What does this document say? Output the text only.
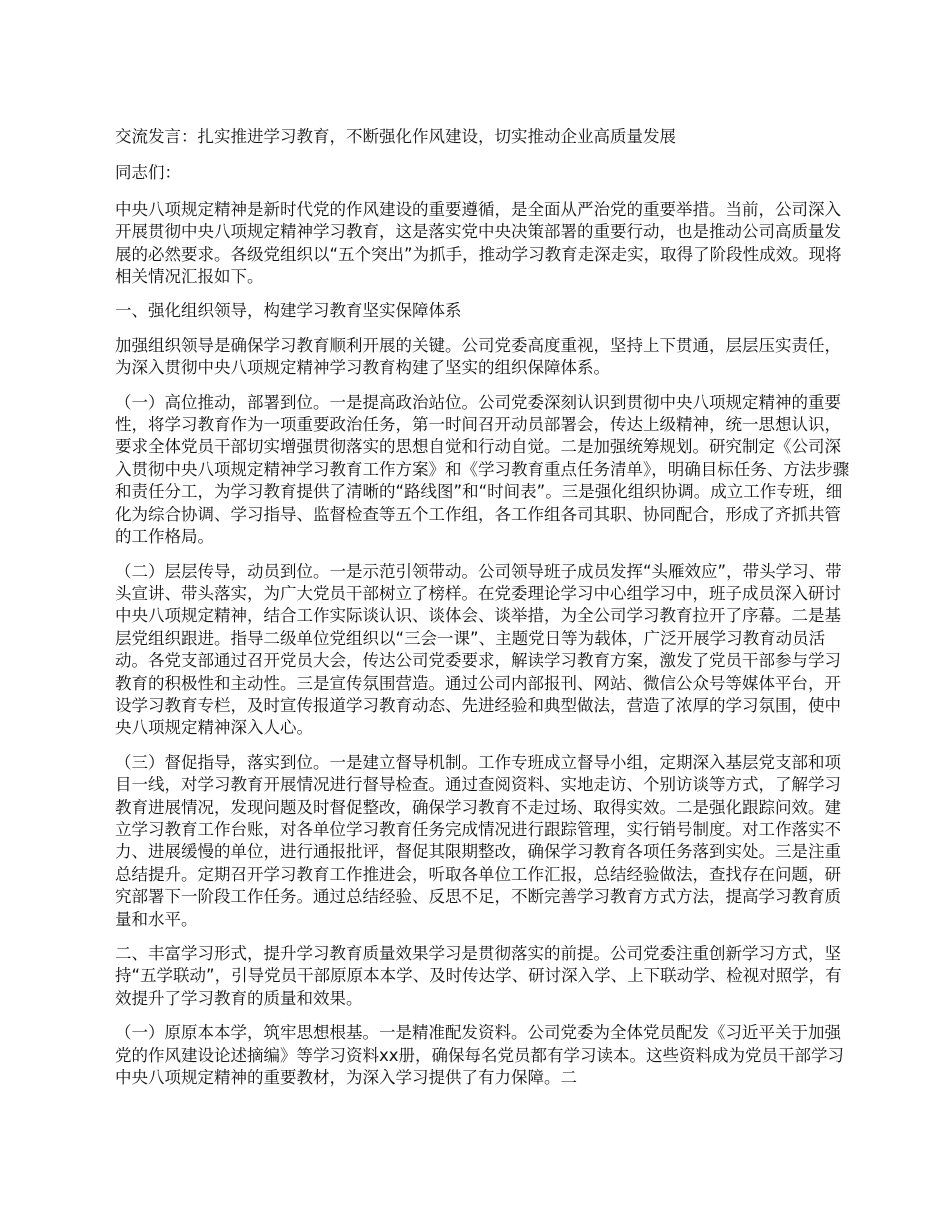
交流发言：扎实推进学习教育，不断强化作风建设，切实推动企业高质量发展

同志们：

中央八项规定精神是新时代党的作风建设的重要遵循，是全面从严治党的重要举措。当前，公司深入开展贯彻中央八项规定精神学习教育，这是落实党中央决策部署的重要行动，也是推动公司高质量发展的必然要求。各级党组织以“五个突出”为抓手，推动学习教育走深走实，取得了阶段性成效。现将相关情况汇报如下。

一、强化组织领导，构建学习教育坚实保障体系

加强组织领导是确保学习教育顺利开展的关键。公司党委高度重视，坚持上下贯通，层层压实责任，为深入贯彻中央八项规定精神学习教育构建了坚实的组织保障体系。

（一）高位推动，部署到位。一是提高政治站位。公司党委深刻认识到贯彻中央八项规定精神的重要性，将学习教育作为一项重要政治任务，第一时间召开动员部署会，传达上级精神，统一思想认识，要求全体党员干部切实增强贯彻落实的思想自觉和行动自觉。二是加强统筹规划。研究制定《公司深入贯彻中央八项规定精神学习教育工作方案》和《学习教育重点任务清单》，明确目标任务、方法步骤和责任分工，为学习教育提供了清晰的“路线图”和“时间表”。三是强化组织协调。成立工作专班，细化为综合协调、学习指导、监督检查等五个工作组，各工作组各司其职、协同配合，形成了齐抓共管的工作格局。

（二）层层传导，动员到位。一是示范引领带动。公司领导班子成员发挥“头雁效应”，带头学习、带头宣讲、带头落实，为广大党员干部树立了榜样。在党委理论学习中心组学习中，班子成员深入研讨中央八项规定精神，结合工作实际谈认识、谈体会、谈举措，为全公司学习教育拉开了序幕。二是基层党组织跟进。指导二级单位党组织以“三会一课”、主题党日等为载体，广泛开展学习教育动员活动。各党支部通过召开党员大会，传达公司党委要求，解读学习教育方案，激发了党员干部参与学习教育的积极性和主动性。三是宣传氛围营造。通过公司内部报刊、网站、微信公众号等媒体平台，开设学习教育专栏，及时宣传报道学习教育动态、先进经验和典型做法，营造了浓厚的学习氛围，使中央八项规定精神深入人心。

（三）督促指导，落实到位。一是建立督导机制。工作专班成立督导小组，定期深入基层党支部和项目一线，对学习教育开展情况进行督导检查。通过查阅资料、实地走访、个别访谈等方式，了解学习教育进展情况，发现问题及时督促整改，确保学习教育不走过场、取得实效。二是强化跟踪问效。建立学习教育工作台账，对各单位学习教育任务完成情况进行跟踪管理，实行销号制度。对工作落实不力、进展缓慢的单位，进行通报批评，督促其限期整改，确保学习教育各项任务落到实处。三是注重总结提升。定期召开学习教育工作推进会，听取各单位工作汇报，总结经验做法，查找存在问题，研究部署下一阶段工作任务。通过总结经验、反思不足，不断完善学习教育方式方法，提高学习教育质量和水平。

二、丰富学习形式，提升学习教育质量效果学习是贯彻落实的前提。公司党委注重创新学习方式，坚持“五学联动”，引导党员干部原原本本学、及时传达学、研讨深入学、上下联动学、检视对照学，有效提升了学习教育的质量和效果。

（一）原原本本学，筑牢思想根基。一是精准配发资料。公司党委为全体党员配发《习近平关于加强党的作风建设论述摘编》等学习资料xx册，确保每名党员都有学习读本。这些资料成为党员干部学习中央八项规定精神的重要教材，为深入学习提供了有力保障。二
